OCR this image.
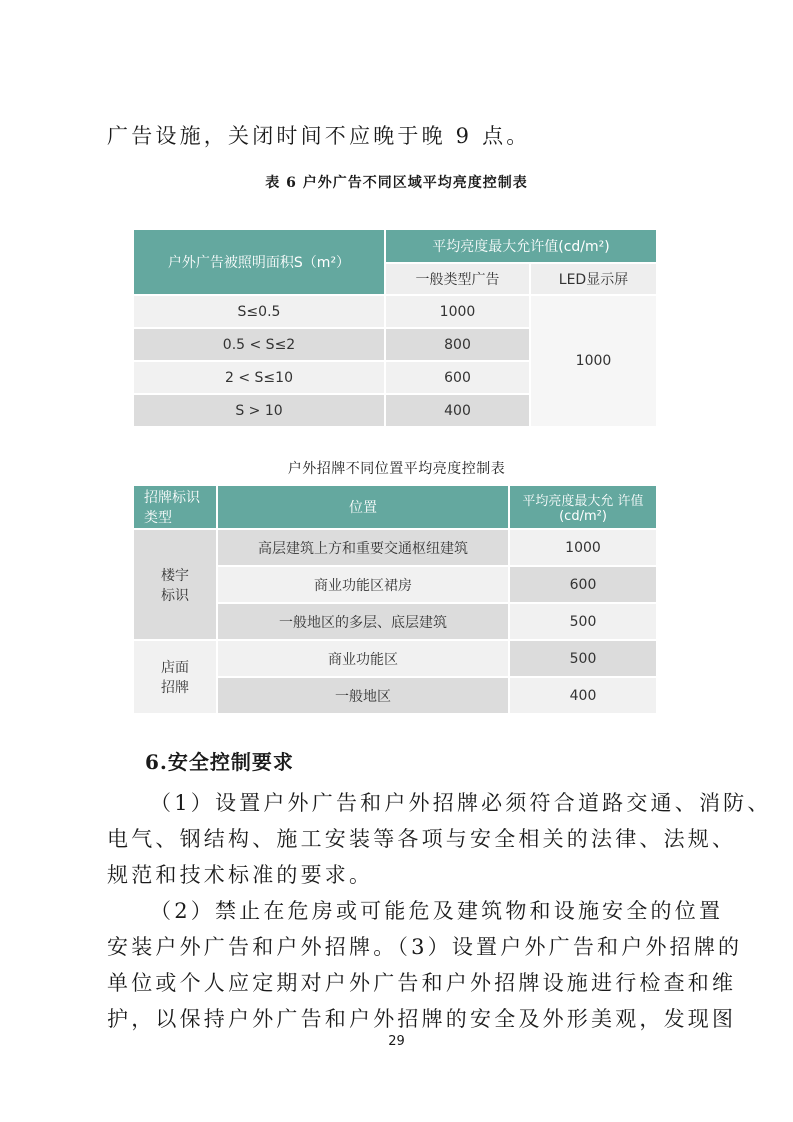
广告设施，关闭时间不应晚于晚 9 点。
表 6 户外广告不同区域平均亮度控制表
户外广告被照明面积S（m²）	平均亮度最大允许值(cd/m²)	
	一般类型广告	LED显示屏
S≤0.5	1000	1000
0.5 < S≤2	800	
2 < S≤10	600	
S > 10	400	
户外招牌不同位置平均亮度控制表
招牌标识类型	位置	平均亮度最大允 许值(cd/m²)
楼宇标识	高层建筑上方和重要交通枢纽建筑	1000
	商业功能区裙房	600
	一般地区的多层、底层建筑	500
店面招牌	商业功能区	500
	一般地区	400
6.安全控制要求
（1）设置户外广告和户外招牌必须符合道路交通、消防、
电气、钢结构、施工安装等各项与安全相关的法律、法规、
规范和技术标准的要求。
（2）禁止在危房或可能危及建筑物和设施安全的位置
安装户外广告和户外招牌。（3）设置户外广告和户外招牌的
单位或个人应定期对户外广告和户外招牌设施进行检查和维
护，以保持户外广告和户外招牌的安全及外形美观，发现图
29
